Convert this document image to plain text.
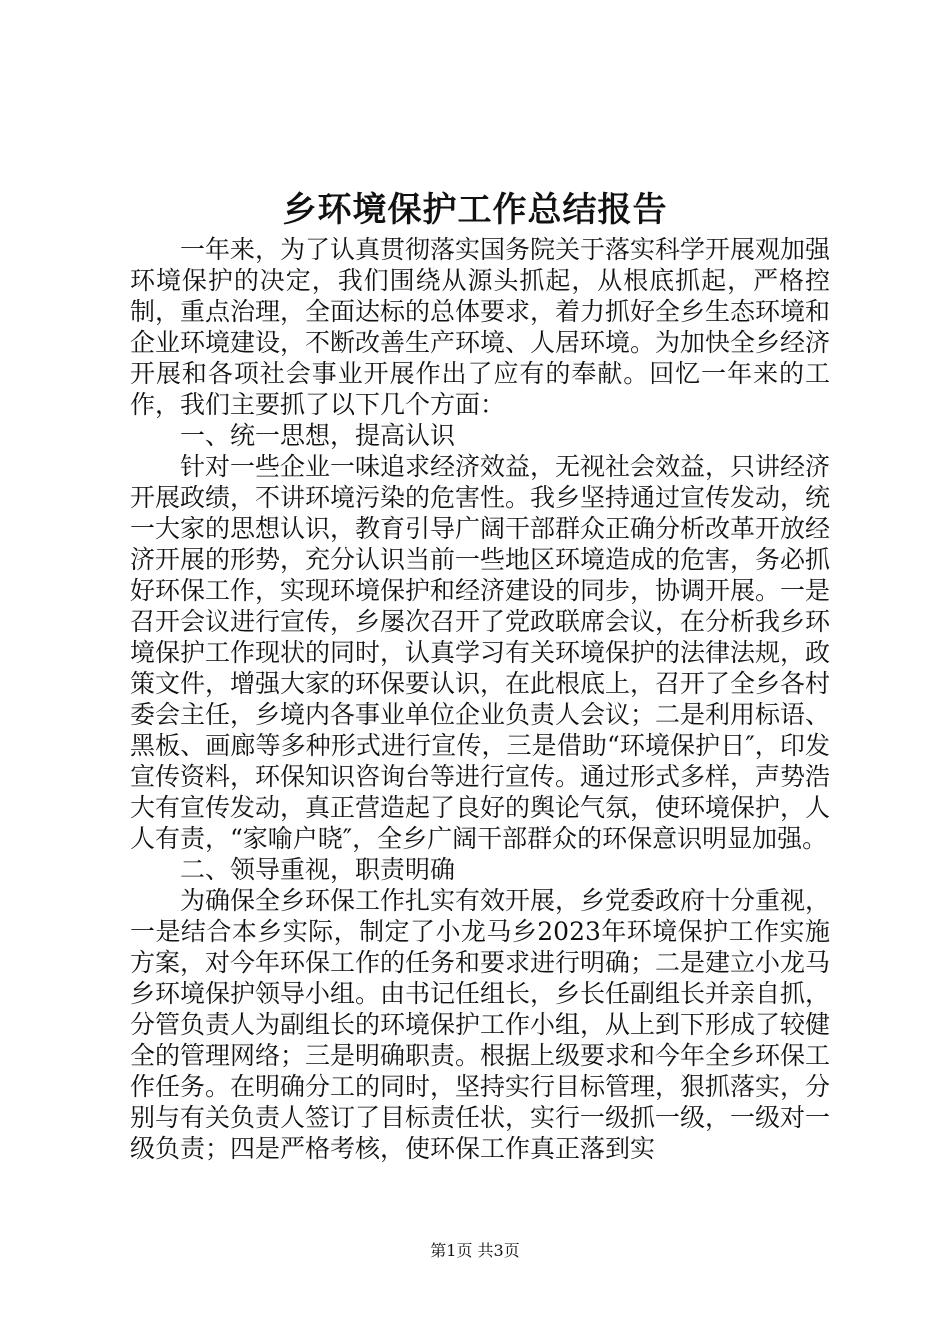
乡环境保护工作总结报告

一年来，为了认真贯彻落实国务院关于落实科学开展观加强环境保护的决定，我们围绕从源头抓起，从根底抓起，严格控制，重点治理，全面达标的总体要求，着力抓好全乡生态环境和企业环境建设，不断改善生产环境、人居环境。为加快全乡经济开展和各项社会事业开展作出了应有的奉献。回忆一年来的工作，我们主要抓了以下几个方面：

一、统一思想，提高认识

针对一些企业一味追求经济效益，无视社会效益，只讲经济开展政绩，不讲环境污染的危害性。我乡坚持通过宣传发动，统一大家的思想认识，教育引导广阔干部群众正确分析改革开放经济开展的形势，充分认识当前一些地区环境造成的危害，务必抓好环保工作，实现环境保护和经济建设的同步，协调开展。一是召开会议进行宣传，乡屡次召开了党政联席会议，在分析我乡环境保护工作现状的同时，认真学习有关环境保护的法律法规，政策文件，增强大家的环保要认识，在此根底上，召开了全乡各村委会主任，乡境内各事业单位企业负责人会议；二是利用标语、黑板、画廊等多种形式进行宣传，三是借助“环境保护日″，印发宣传资料，环保知识咨询台等进行宣传。通过形式多样，声势浩大有宣传发动，真正营造起了良好的舆论气氛，使环境保护，人人有责，“家喻户晓″，全乡广阔干部群众的环保意识明显加强。

二、领导重视，职责明确

为确保全乡环保工作扎实有效开展，乡党委政府十分重视，一是结合本乡实际，制定了小龙马乡2023年环境保护工作实施方案，对今年环保工作的任务和要求进行明确；二是建立小龙马乡环境保护领导小组。由书记任组长，乡长任副组长并亲自抓，分管负责人为副组长的环境保护工作小组，从上到下形成了较健全的管理网络；三是明确职责。根据上级要求和今年全乡环保工作任务。在明确分工的同时，坚持实行目标管理，狠抓落实，分别与有关负责人签订了目标责任状，实行一级抓一级，一级对一级负责；四是严格考核，使环保工作真正落到实

第1页 共3页
